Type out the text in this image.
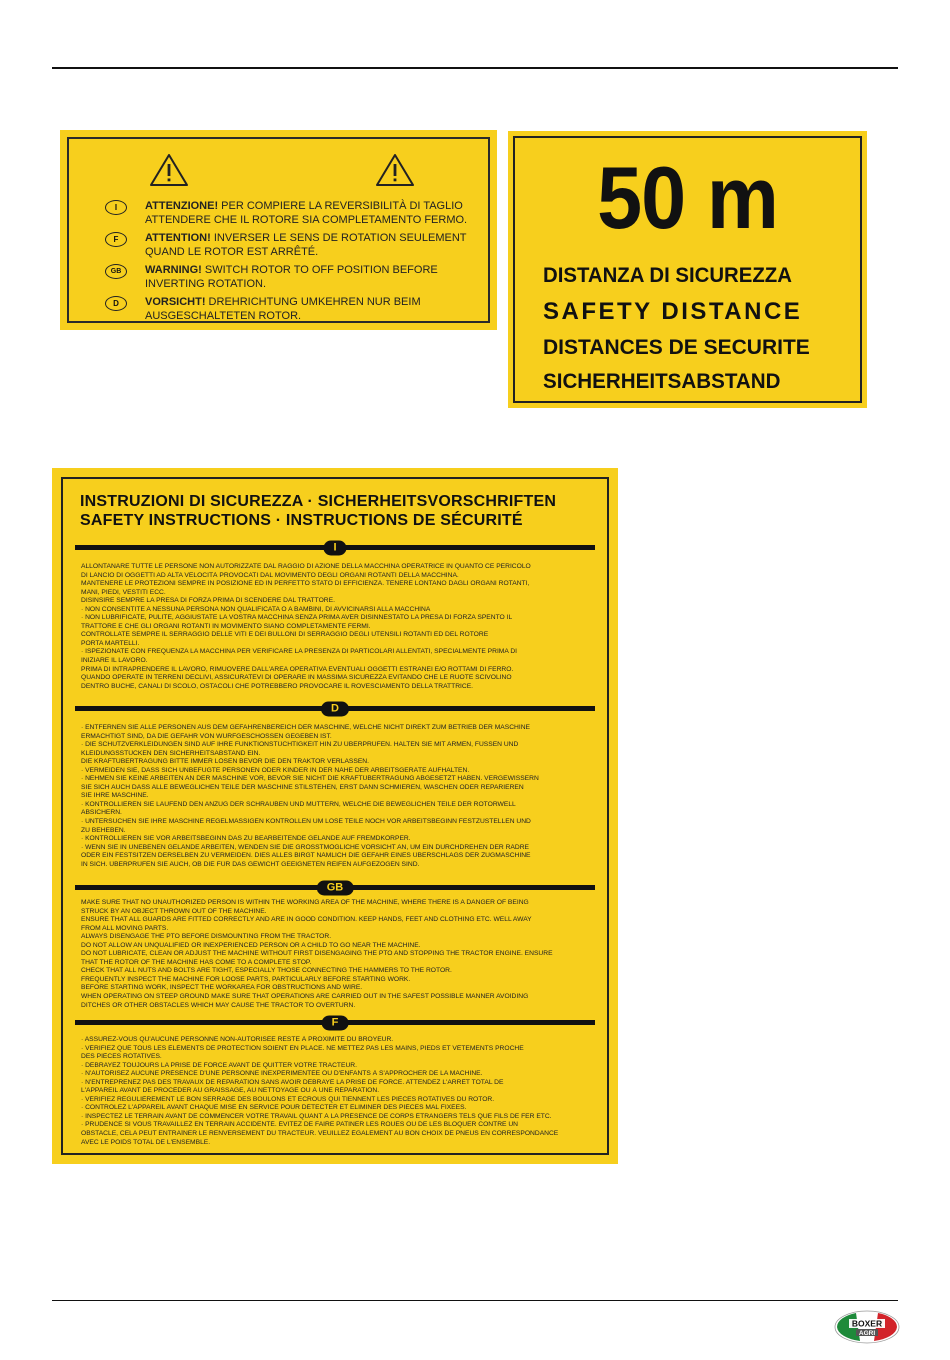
I	ATTENZIONE! PER COMPIERE LA REVERSIBILITÀ DI TAGLIO
ATTENDERE CHE IL ROTORE SIA COMPLETAMENTO FERMO.
F	ATTENTION! INVERSER LE SENS DE ROTATION SEULEMENT
QUAND LE ROTOR EST ARRÊTÉ.
GB	WARNING! SWITCH ROTOR TO OFF POSITION BEFORE
INVERTING ROTATION.
D	VORSICHT! DREHRICHTUNG UMKEHREN NUR BEIM
AUSGESCHALTETEN ROTOR.
50 m
DISTANZA DI SICUREZZA
SAFETY DISTANCE
DISTANCES DE SECURITE
SICHERHEITSABSTAND
INSTRUZIONI DI SICUREZZA · SICHERHEITSVORSCHRIFTEN
SAFETY INSTRUCTIONS · INSTRUCTIONS DE SÉCURITÉ
I
ALLONTANARE TUTTE LE PERSONE NON AUTORIZZATE DAL RAGGIO DI AZIONE DELLA MACCHINA OPERATRICE IN QUANTO CE PERICOLO
DI LANCIO DI OGGETTI AD ALTA VELOCITÀ PROVOCATI DAL MOVIMENTO DEGLI ORGANI ROTANTI DELLA MACCHINA.
MANTENERE LE PROTEZIONI SEMPRE IN POSIZIONE ED IN PERFETTO STATO DI EFFICIENZA. TENERE LONTANO DAGLI ORGANI ROTANTI,
MANI, PIEDI, VESTITI ECC.
DISINSIRE SEMPRE LA PRESA DI FORZA PRIMA DI SCENDERE DAL TRATTORE.
· NON CONSENTITE A NESSUNA PERSONA NON QUALIFICATA O A BAMBINI, DI AVVICINARSI ALLA MACCHINA
· NON LUBRIFICATE, PULITE, AGGIUSTATE LA VOSTRA MACCHINA SENZA PRIMA AVER DISINNESTATO LA PRESA DI FORZA SPENTO IL
TRATTORE E CHE GLI ORGANI ROTANTI IN MOVIMENTO SIANO COMPLETAMENTE FERMI.
CONTROLLATE SEMPRE IL SERRAGGIO DELLE VITI E DEI BULLONI DI SERRAGGIO DEGLI UTENSILI ROTANTI ED DEL ROTORE
PORTA MARTELLI.
· ISPEZIONATE CON FREQUENZA LA MACCHINA PER VERIFICARE LA PRESENZA DI PARTICOLARI ALLENTATI, SPECIALMENTE PRIMA DI
INIZIARE IL LAVORO.
PRIMA DI INTRAPRENDERE IL LAVORO, RIMUOVERE DALL'AREA OPERATIVA EVENTUALI OGGETTI ESTRANEI E/O ROTTAMI DI FERRO.
QUANDO OPERATE IN TERRENI DECLIVI, ASSICURATEVI DI OPERARE IN MASSIMA SICUREZZA EVITANDO CHE LE RUOTE SCIVOLINO
DENTRO BUCHE, CANALI DI SCOLO, OSTACOLI CHE POTREBBERO PROVOCARE IL ROVESCIAMENTO DELLA TRATTRICE.
D
· ENTFERNEN SIE ALLE PERSONEN AUS DEM GEFAHRENBEREICH DER MASCHINE, WELCHE NICHT DIREKT ZUM BETRIEB DER MASCHINE
ERMÄCHTIGT SIND, DA DIE GEFAHR VON WURFGESCHOSSEN GEGEBEN IST.
· DIE SCHUTZVERKLEIDUNGEN SIND AUF IHRE FUNKTIONSTÜCHTIGKEIT HIN ZU ÜBERPRÜFEN. HALTEN SIE MIT ARMEN, FÜSSEN UND
KLEIDUNGSSTÜCKEN DEN SICHERHEITSABSTAND EIN.
DIE KRAFTÜBERTRAGUNG BITTE IMMER LÖSEN BEVOR DIE DEN TRAKTOR VERLASSEN.
· VERMEIDEN SIE, DASS SICH UNBEFUGTE PERSONEN ODER KINDER IN DER NÄHE DER ARBEITSGERÄTE AUFHALTEN.
· NEHMEN SIE KEINE ARBEITEN AN DER MASCHINE VOR, BEVOR SIE NICHT DIE KRAFTÜBERTRAGUNG ABGESETZT HABEN. VERGEWISSERN
SIE SICH AUCH DASS ALLE BEWEGLICHEN TEILE DER MASCHINE STILSTEHEN, ERST DANN SCHMIEREN, WASCHEN ODER REPARIEREN
SIE IHRE MASCHINE.
· KONTROLLIEREN SIE LAUFEND DEN ANZUG DER SCHRAUBEN UND MUTTERN, WELCHE DIE BEWEGLICHEN TEILE DER ROTORWELL
ABSICHERN.
· UNTERSUCHEN SIE IHRE MASCHINE REGELMÄSSIGEN KONTROLLEN UM LOSE TEILE NOCH VOR ARBEITSBEGINN FESTZUSTELLEN UND
ZU BEHEBEN.
· KONTROLLIEREN SIE VOR ARBEITSBEGINN DAS ZU BEARBEITENDE GELÄNDE AUF FREMDKÖRPER.
· WENN SIE IN UNEBENEN GELÄNDE ARBEITEN, WENDEN SIE DIE GRÖSSTMÖGLICHE VORSICHT AN, UM EIN DURCHDREHEN DER RÄDRE
ODER EIN FESTSITZEN DERSELBEN ZU VERMEIDEN. DIES ALLES BIRGT NÄMLICH DIE GEFAHR EINES ÜBERSCHLAGS DER ZUGMASCHINE
IN SICH. ÜBERPRÜFEN SIE AUCH, OB DIE FÜR DAS GEWICHT GEEIGNETEN REIFEN AUFGEZOGEN SIND.
GB
MAKE SURE THAT NO UNAUTHORIZED PERSON IS WITHIN THE WORKING AREA OF THE MACHINE, WHERE THERE IS A DANGER OF BEING
STRUCK BY AN OBJECT THROWN OUT OF THE MACHINE.
ENSURE THAT ALL GUARDS ARE FITTED CORRECTLY AND ARE IN GOOD CONDITION. KEEP HANDS, FEET AND CLOTHING ETC. WELL AWAY
FROM ALL MOVING PARTS.
ALWAYS DISENGAGE THE PTO BEFORE DISMOUNTING FROM THE TRACTOR.
DO NOT ALLOW AN UNQUALIFIED OR INEXPERIENCED PERSON OR A CHILD TO GO NEAR THE MACHINE.
DO NOT LUBRICATE, CLEAN OR ADJUST THE MACHINE WITHOUT FIRST DISENGAGING THE PTO AND STOPPING THE TRACTOR ENGINE. ENSURE
THAT THE ROTOR OF THE MACHINE HAS COME TO A COMPLETE STOP.
CHECK THAT ALL NUTS AND BOLTS ARE TIGHT, ESPECIALLY THOSE CONNECTING THE HAMMERS TO THE ROTOR.
FREQUENTLY INSPECT THE MACHINE FOR LOOSE PARTS, PARTICULARLY BEFORE STARTING WORK.
BEFORE STARTING WORK, INSPECT THE WORKAREA FOR OBSTRUCTIONS AND WIRE.
WHEN OPERATING ON STEEP GROUND MAKE SURE THAT OPERATIONS ARE CARRIED OUT IN THE SAFEST POSSIBLE MANNER AVOIDING
DITCHES OR OTHER OBSTACLES WHICH MAY CAUSE THE TRACTOR TO OVERTURN.
F
· ASSUREZ-VOUS QU'AUCUNE PERSONNE NON-AUTORISÉE RESTE À PROXIMITÉ DU BROYEUR.
· VÉRIFIEZ QUE TOUS LES ÉLÉMENTS DE PROTECTION SOIENT EN PLACE. NE METTEZ PAS LES MAINS, PIEDS ET VÊTEMENTS PROCHE
DES PIÈCES ROTATIVES.
· DÉBRAYEZ TOUJOURS LA PRISE DE FORCE AVANT DE QUITTER VOTRE TRACTEUR.
· N'AUTORISEZ AUCUNE PRÉSENCE D'UNE PERSONNE INEXPÉRIMENTÉE OU D'ENFANTS À S'APPROCHER DE LA MACHINE.
· N'ENTREPRENEZ PAS DES TRAVAUX DE RÉPARATION SANS AVOIR DÉBRAYÉ LA PRISE DE FORCE. ATTENDEZ L'ARRÊT TOTAL DE
L'APPAREIL AVANT DE PROCÉDER AU GRAISSAGE, AU NETTOYAGE OU À UNE RÉPARATION.
· VÉRIFIEZ RÉGULIÈREMENT LE BON SERRAGE DES BOULONS ET ÉCROUS QUI TIENNENT LES PIÈCES ROTATIVES DU ROTOR.
· CONTRÔLEZ L'APPAREIL AVANT CHAQUE MISE EN SERVICE POUR DÉTECTER ET ÉLIMINER DES PIÈCES MAL FIXÉES.
· INSPECTEZ LE TERRAIN AVANT DE COMMENCER VOTRE TRAVAIL QUANT À LA PRÉSENCE DE CORPS ÉTRANGERS TELS QUE FILS DE FER ETC.
· PRUDENCE SI VOUS TRAVAILLEZ EN TERRAIN ACCIDENTÉ. ÉVITEZ DE FAIRE PATINER LES ROUES OU DE LES BLOQUER CONTRE UN
OBSTACLE, CELA PEUT ENTRAÎNER LE RENVERSEMENT DU TRACTEUR. VEUILLEZ ÉGALEMENT AU BON CHOIX DE PNEUS EN CORRESPONDANCE
AVEC LE POIDS TOTAL DE L'ENSEMBLE.
BOXER
AGRI
